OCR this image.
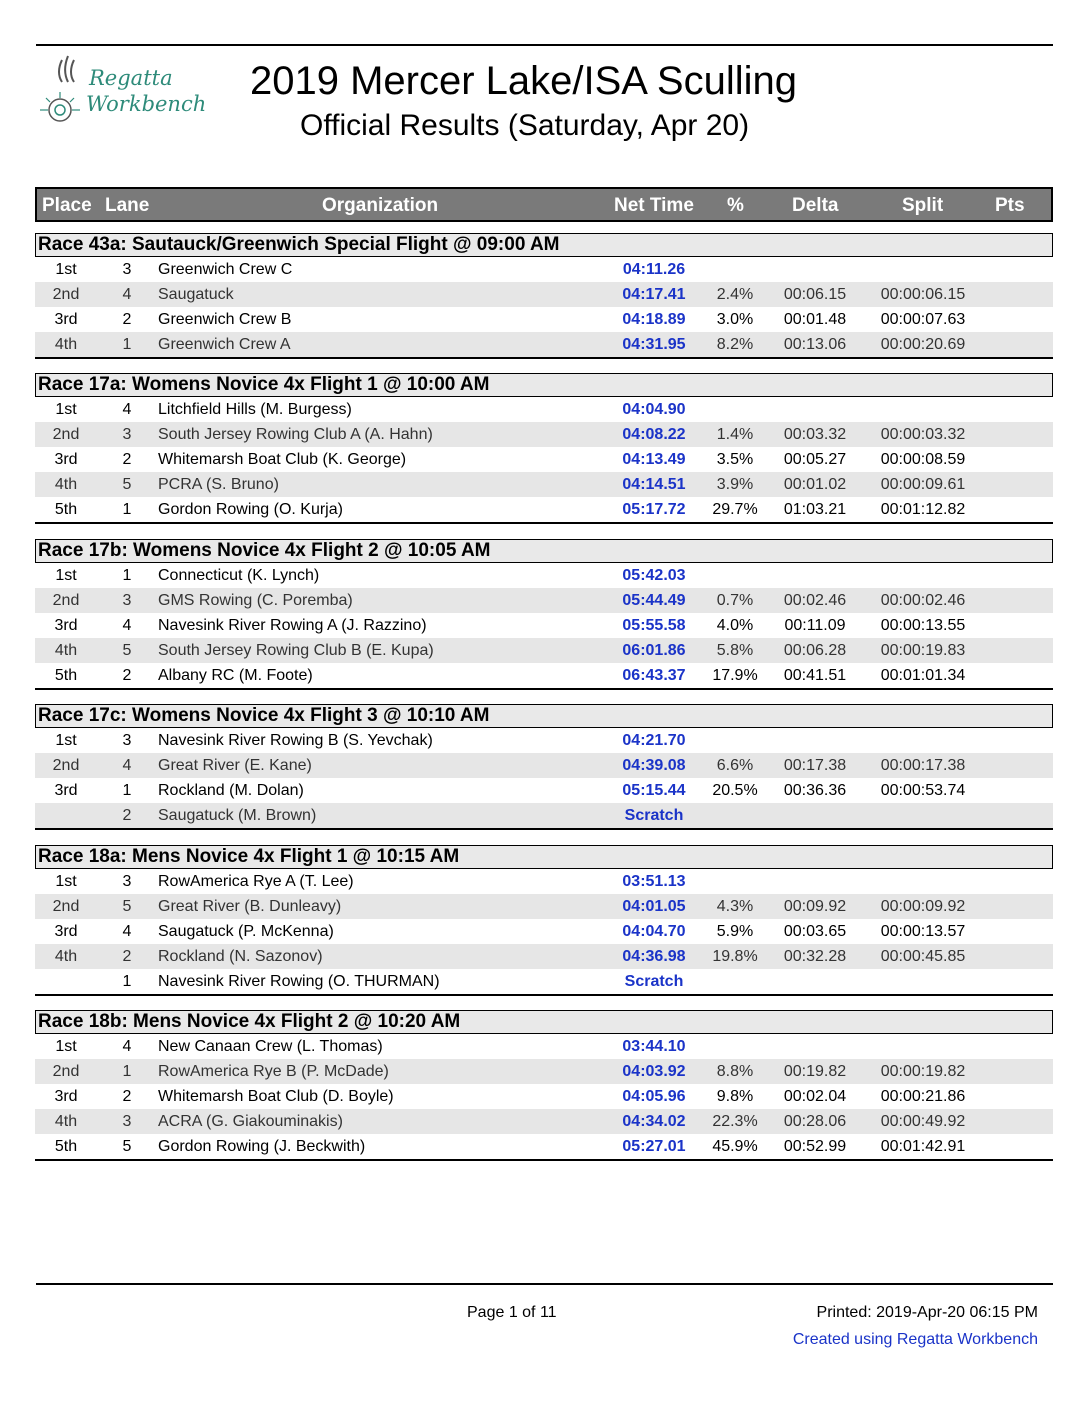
Regatta
Workbench
2019 Mercer Lake/ISA Sculling
Official Results (Saturday, Apr 20)
Place Lane	Organization	Net Time %	Delta	Split	Pts
Race 43a: Sautauck/Greenwich Special Flight @ 09:00 AM
1st	3	Greenwich Crew C	04:11.26
2nd	4	Saugatuck	04:17.41	2.4%	00:06.15	00:00:06.15
3rd	2	Greenwich Crew B	04:18.89	3.0%	00:01.48	00:00:07.63
4th	1	Greenwich Crew A	04:31.95	8.2%	00:13.06	00:00:20.69
Race 17a: Womens Novice 4x Flight 1 @ 10:00 AM
1st	4	Litchfield Hills (M. Burgess)	04:04.90
2nd	3	South Jersey Rowing Club A (A. Hahn)	04:08.22	1.4%	00:03.32	00:00:03.32
3rd	2	Whitemarsh Boat Club (K. George)	04:13.49	3.5%	00:05.27	00:00:08.59
4th	5	PCRA (S. Bruno)	04:14.51	3.9%	00:01.02	00:00:09.61
5th	1	Gordon Rowing (O. Kurja)	05:17.72	29.7%	01:03.21	00:01:12.82
Race 17b: Womens Novice 4x Flight 2 @ 10:05 AM
1st	1	Connecticut (K. Lynch)	05:42.03
2nd	3	GMS Rowing (C. Poremba)	05:44.49	0.7%	00:02.46	00:00:02.46
3rd	4	Navesink River Rowing A (J. Razzino)	05:55.58	4.0%	00:11.09	00:00:13.55
4th	5	South Jersey Rowing Club B (E. Kupa)	06:01.86	5.8%	00:06.28	00:00:19.83
5th	2	Albany RC (M. Foote)	06:43.37	17.9%	00:41.51	00:01:01.34
Race 17c: Womens Novice 4x Flight 3 @ 10:10 AM
1st	3	Navesink River Rowing B (S. Yevchak)	04:21.70
2nd	4	Great River (E. Kane)	04:39.08	6.6%	00:17.38	00:00:17.38
3rd	1	Rockland (M. Dolan)	05:15.44	20.5%	00:36.36	00:00:53.74
2	Saugatuck (M. Brown)	Scratch
Race 18a: Mens Novice 4x Flight 1 @ 10:15 AM
1st	3	RowAmerica Rye A (T. Lee)	03:51.13
2nd	5	Great River (B. Dunleavy)	04:01.05	4.3%	00:09.92	00:00:09.92
3rd	4	Saugatuck (P. McKenna)	04:04.70	5.9%	00:03.65	00:00:13.57
4th	2	Rockland (N. Sazonov)	04:36.98	19.8%	00:32.28	00:00:45.85
1	Navesink River Rowing (O. THURMAN)	Scratch
Race 18b: Mens Novice 4x Flight 2 @ 10:20 AM
1st	4	New Canaan Crew (L. Thomas)	03:44.10
2nd	1	RowAmerica Rye B (P. McDade)	04:03.92	8.8%	00:19.82	00:00:19.82
3rd	2	Whitemarsh Boat Club (D. Boyle)	04:05.96	9.8%	00:02.04	00:00:21.86
4th	3	ACRA (G. Giakouminakis)	04:34.02	22.3%	00:28.06	00:00:49.92
5th	5	Gordon Rowing (J. Beckwith)	05:27.01	45.9%	00:52.99	00:01:42.91
Page 1 of 11	Printed: 2019-Apr-20 06:15 PM
Created using Regatta Workbench
